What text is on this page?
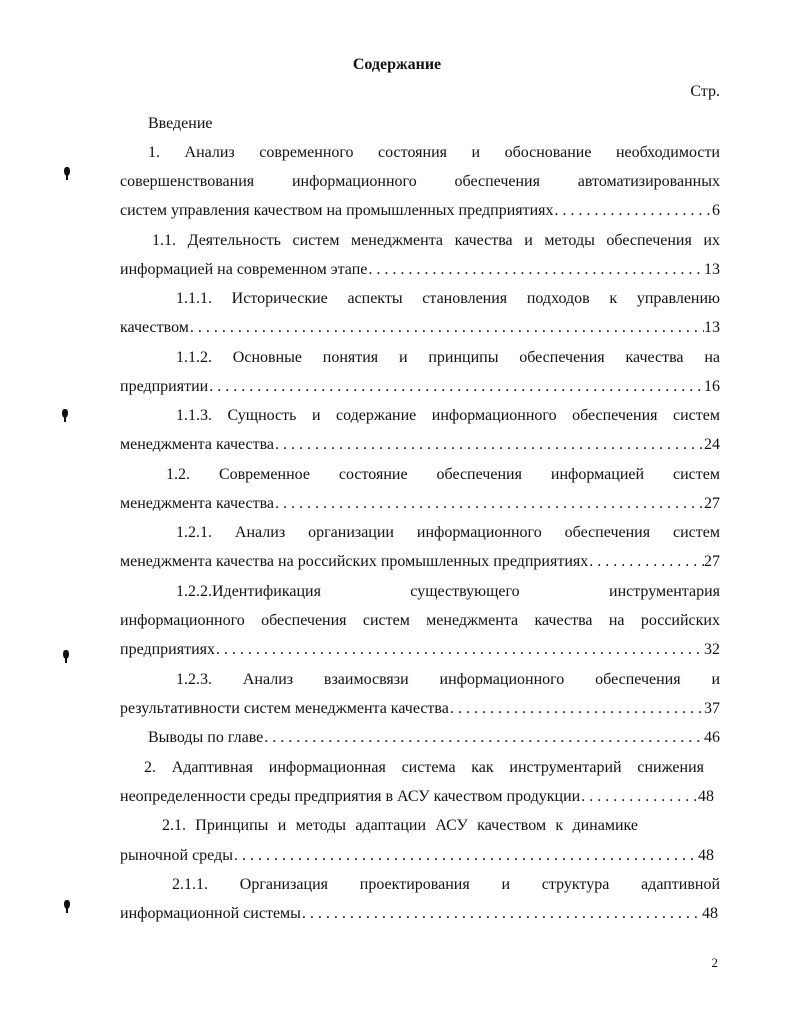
Содержание
Стр.
Введение
1. Анализ современного состояния и обоснование необходимости
совершенствования информационного обеспечения автоматизированных
систем управления качеством на промышленных предприятиях . . .	6
1.1. Деятельность систем менеджмента качества и методы обеспечения их
информацией на современном этапе . . .	13
1.1.1. Исторические аспекты становления подходов к управлению
качеством . . .	13
1.1.2. Основные понятия и принципы обеспечения качества на
предприятии . . .	16
1.1.3. Сущность и содержание информационного обеспечения систем
менеджмента качества . . .	24
1.2. Современное состояние обеспечения информацией систем
менеджмента качества . . .	27
1.2.1. Анализ организации информационного обеспечения систем
менеджмента качества на российских промышленных предприятиях . . .	27
1.2.2.Идентификация существующего инструментария
информационного обеспечения систем менеджмента качества на российских
предприятиях . . .	32
1.2.3. Анализ взаимосвязи информационного обеспечения и
результативности систем менеджмента качества . . .	37
Выводы по главе . . .	46
2. Адаптивная информационная система как инструментарий снижения
неопределенности среды предприятия в АСУ качеством продукции . . .	48
2.1. Принципы и методы адаптации АСУ качеством к динамике
рыночной среды . . .	48
2.1.1. Организация проектирования и структура адаптивной
информационной системы . . .	48
2
